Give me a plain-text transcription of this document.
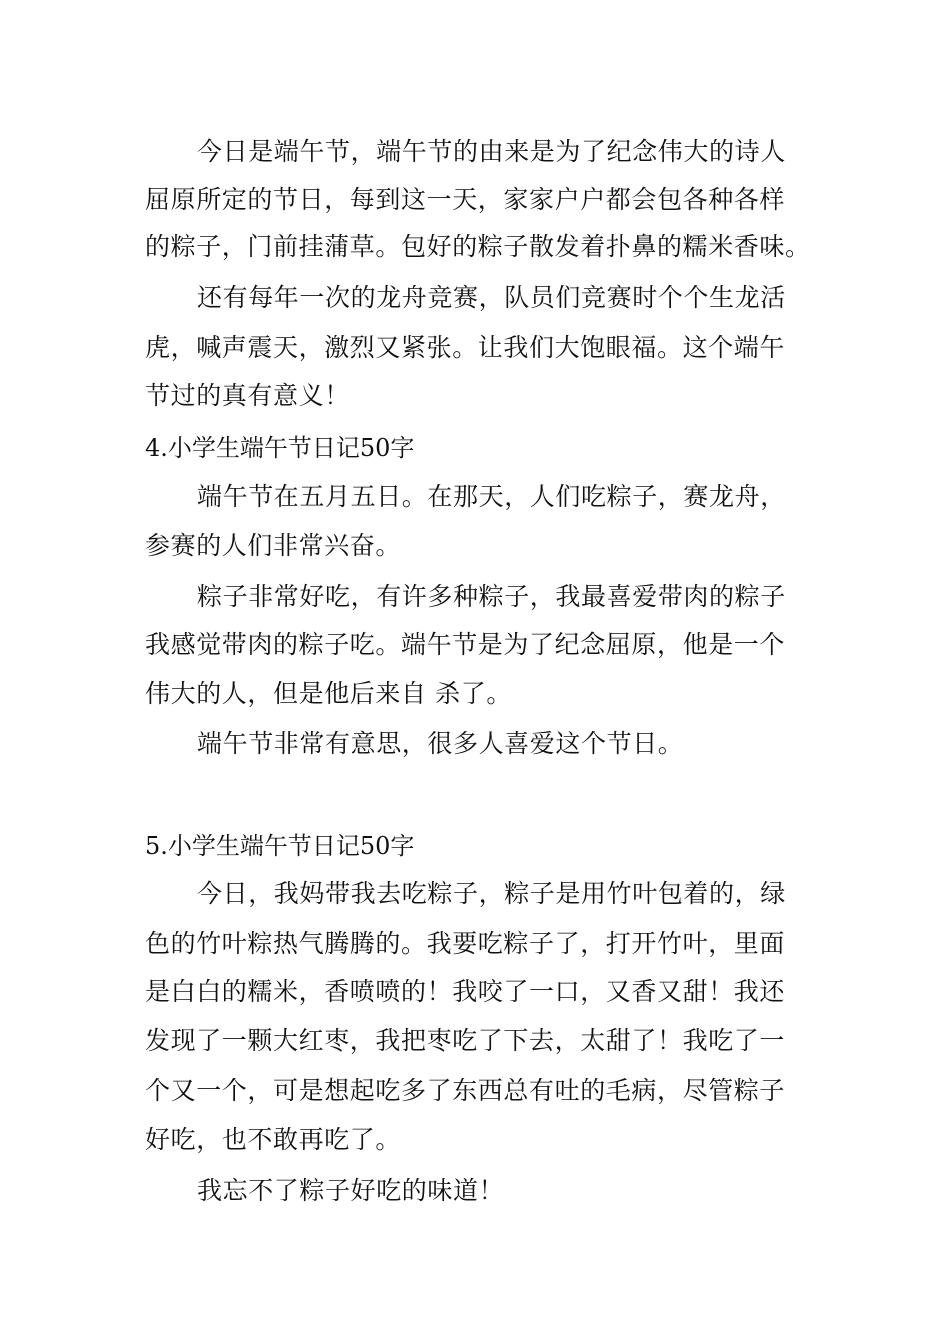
今日是端午节，端午节的由来是为了纪念伟大的诗人
屈原所定的节日，每到这一天，家家户户都会包各种各样
的粽子，门前挂蒲草。包好的粽子散发着扑鼻的糯米香味。
还有每年一次的龙舟竞赛，队员们竞赛时个个生龙活
虎，喊声震天，激烈又紧张。让我们大饱眼福。这个端午
节过的真有意义！
4.小学生端午节日记50字
端午节在五月五日。在那天，人们吃粽子，赛龙舟，
参赛的人们非常兴奋。
粽子非常好吃，有许多种粽子，我最喜爱带肉的粽子
我感觉带肉的粽子吃。端午节是为了纪念屈原，他是一个
伟大的人，但是他后来自 杀了。
端午节非常有意思，很多人喜爱这个节日。
5.小学生端午节日记50字
今日，我妈带我去吃粽子，粽子是用竹叶包着的，绿
色的竹叶粽热气腾腾的。我要吃粽子了，打开竹叶，里面
是白白的糯米，香喷喷的！我咬了一口，又香又甜！我还
发现了一颗大红枣，我把枣吃了下去，太甜了！我吃了一
个又一个，可是想起吃多了东西总有吐的毛病，尽管粽子
好吃，也不敢再吃了。
我忘不了粽子好吃的味道！
